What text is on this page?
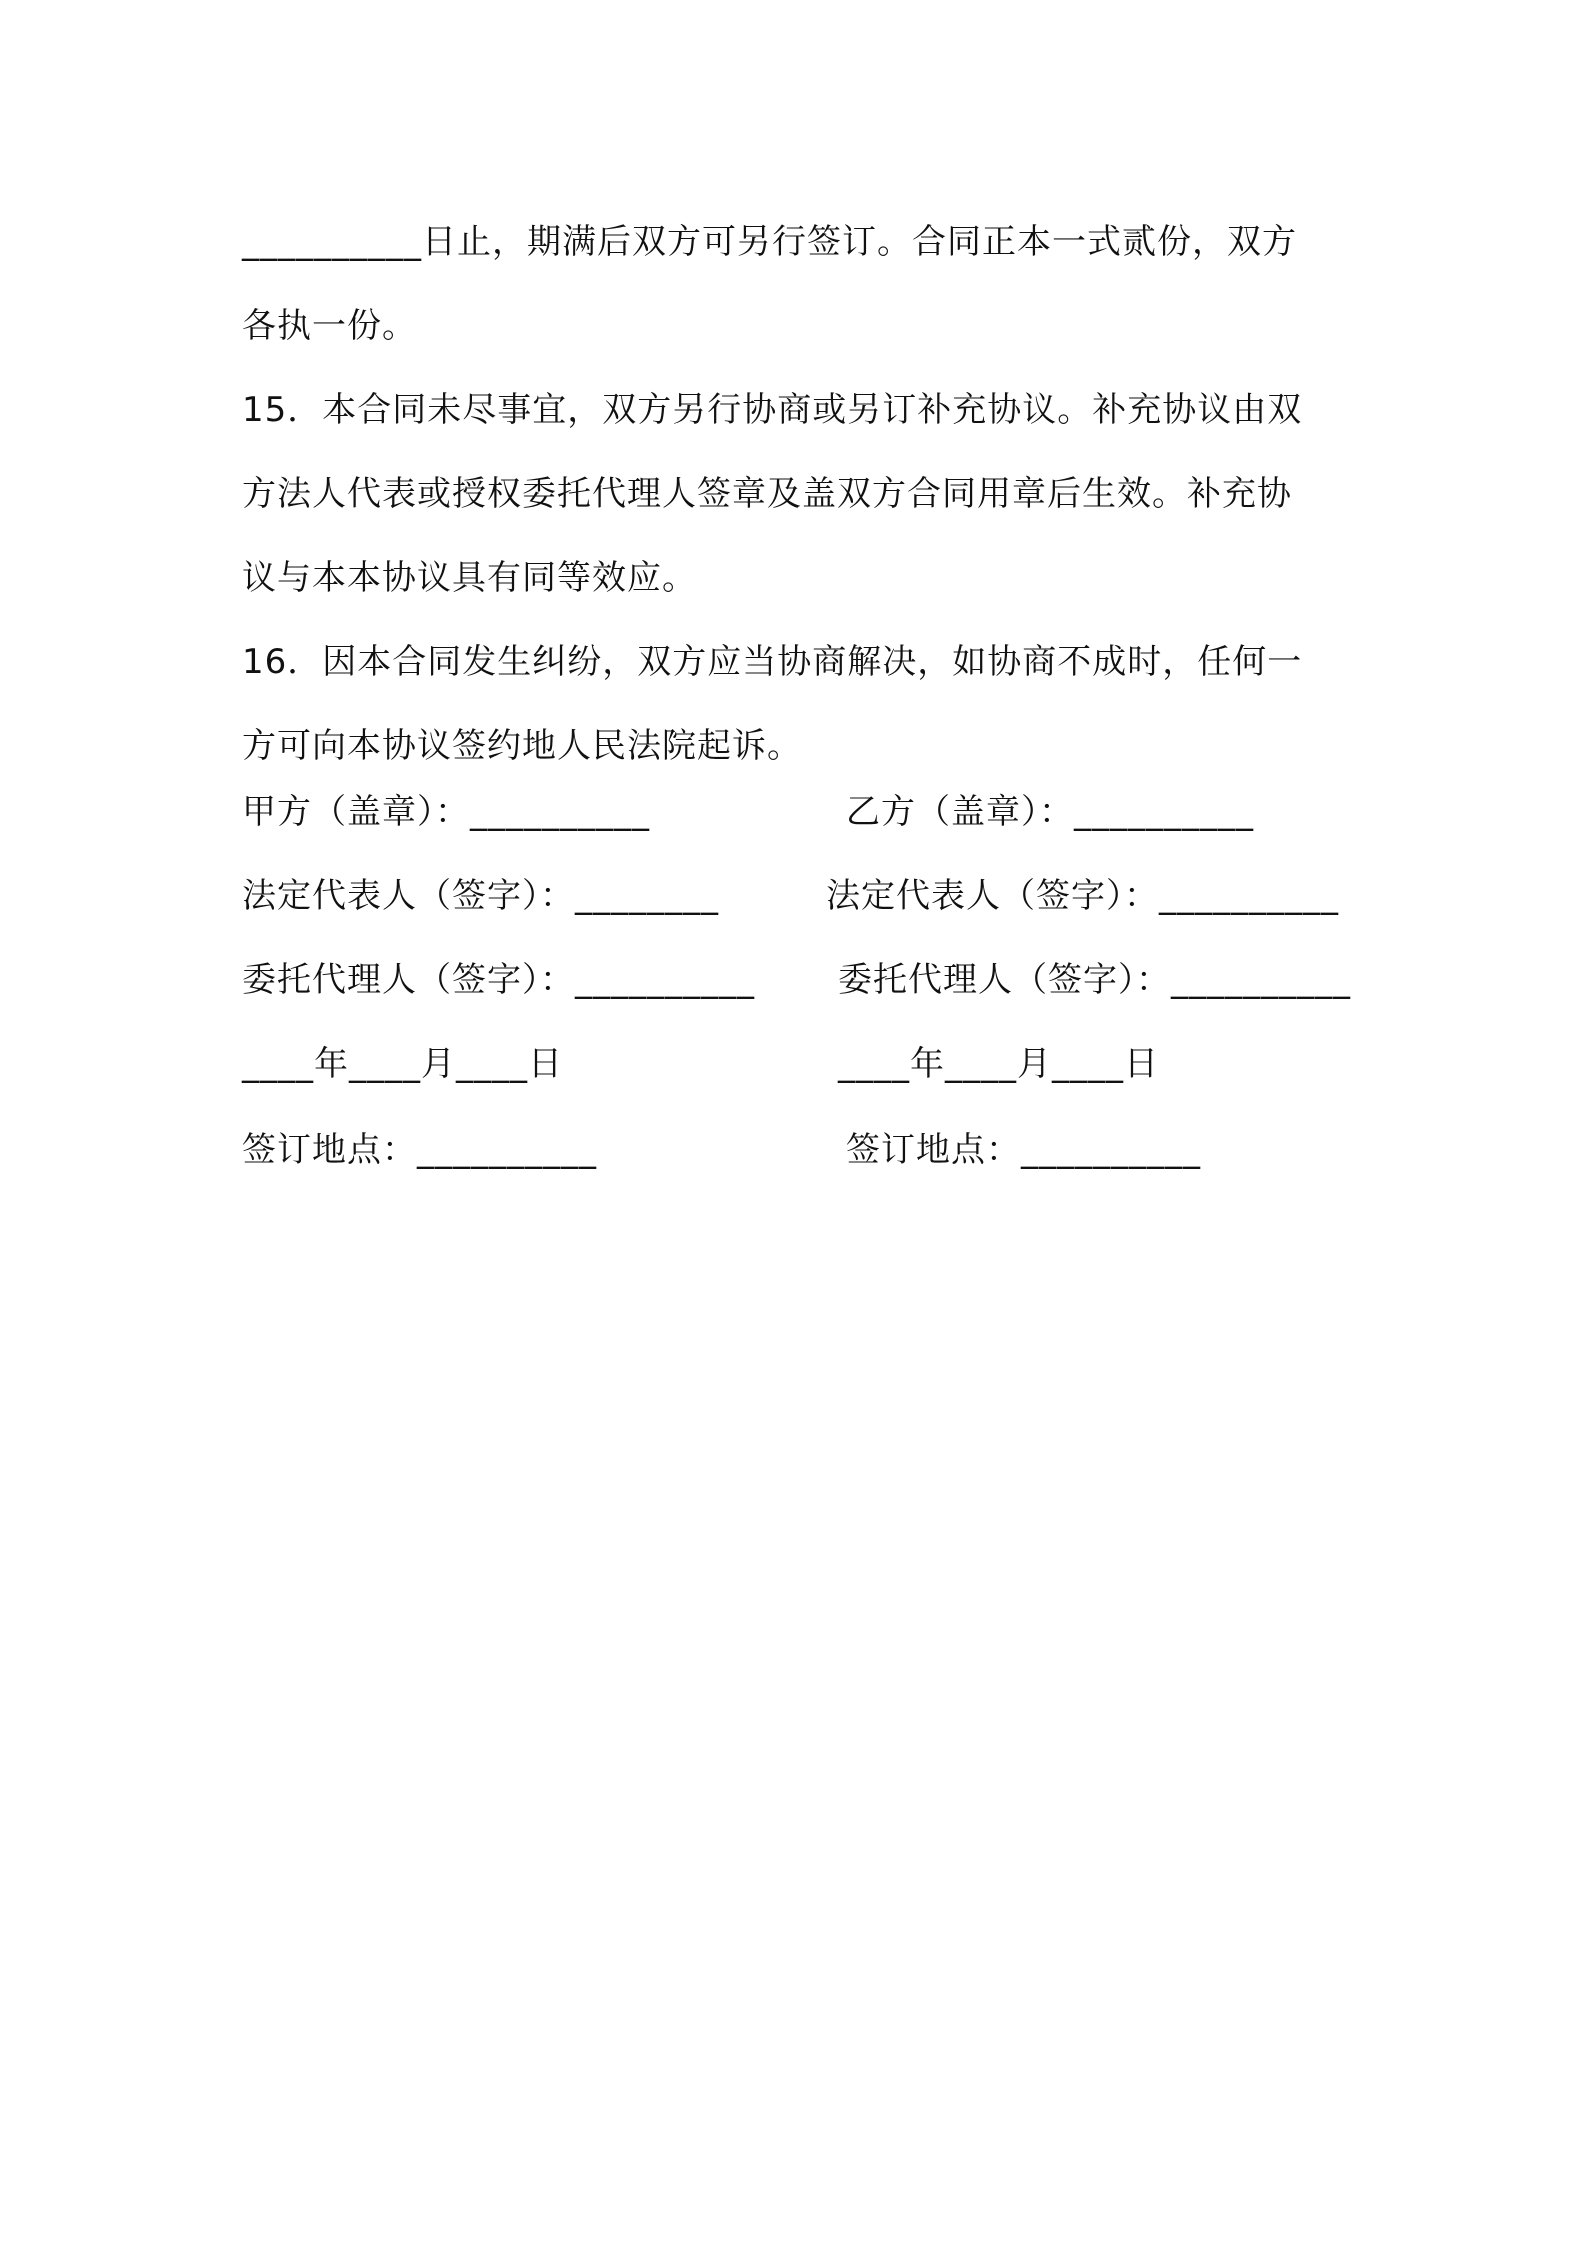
__________日止，期满后双方可另行签订。合同正本一式贰份，双方
各执一份。

15．本合同未尽事宜，双方另行协商或另订补充协议。补充协议由双
方法人代表或授权委托代理人签章及盖双方合同用章后生效。补充协
议与本本协议具有同等效应。

16．因本合同发生纠纷，双方应当协商解决，如协商不成时，任何一
方可向本协议签约地人民法院起诉。

甲方（盖章）：__________
法定代表人（签字）：________
委托代理人（签字）：__________
____年____月____日
签订地点：__________
乙方（盖章）：__________
法定代表人（签字）：__________
委托代理人（签字）：__________
____年____月____日
签订地点：__________
